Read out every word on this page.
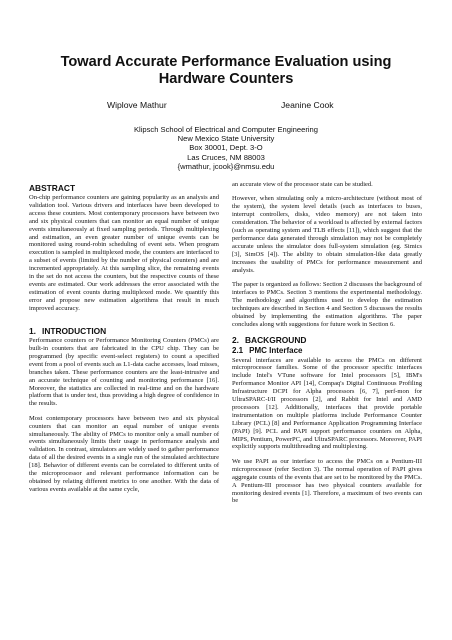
Toward Accurate Performance Evaluation using Hardware Counters
Wiplove Mathur	Jeanine Cook
Klipsch School of Electrical and Computer Engineering
New Mexico State University
Box 30001, Dept. 3-O
Las Cruces, NM 88003
{wmathur, jcook}@nmsu.edu
ABSTRACT

On-chip performance counters are gaining popularity as an analysis and validation tool. Various drivers and interfaces have been developed to access these counters. Most contemporary processors have between two and six physical counters that can monitor an equal number of unique events simultaneously at fixed sampling periods. Through multiplexing and estimation, an even greater number of unique events can be monitored using round-robin scheduling of event sets. When program execution is sampled in multiplexed mode, the counters are interfaced to a subset of events (limited by the number of physical counters) and are incremented appropriately. At this sampling slice, the remaining events in the set do not access the counters, but the respective counts of these events are estimated. Our work addresses the error associated with the estimation of event counts during multiplexed mode. We quantify this error and propose new estimation algorithms that result in much improved accuracy.

1. INTRODUCTION

Performance counters or Performance Monitoring Counters (PMCs) are built-in counters that are fabricated in the CPU chip. They can be programmed (by specific event-select registers) to count a specified event from a pool of events such as L1-data cache accesses, load misses, branches taken. These performance counters are the least-intrusive and an accurate technique of counting and monitoring performance [16]. Moreover, the statistics are collected in real-time and on the hardware platform that is under test, thus providing a high degree of confidence in the results.

Most contemporary processors have between two and six physical counters that can monitor an equal number of unique events simultaneously. The ability of PMCs to monitor only a small number of events simultaneously limits their usage in performance analysis and validation. In contrast, simulators are widely used to gather performance data of all the desired events in a single run of the simulated architecture [18]. Behavior of different events can be correlated to different units of the microprocessor and relevant performance information can be obtained by relating different metrics to one another. With the data of various events available at the same cycle,

an accurate view of the processor state can be studied.

However, when simulating only a micro-architecture (without most of the system), the system level details (such as interfaces to buses, interrupt controllers, disks, video memory) are not taken into consideration. The behavior of a workload is affected by external factors (such as operating system and TLB effects [11]), which suggest that the performance data generated through simulation may not be completely accurate unless the simulator does full-system simulation (eg. Simics [3], SimOS [4]). The ability to obtain simulation-like data greatly increases the usability of PMCs for performance measurement and analysis.

The paper is organized as follows: Section 2 discusses the background of interfaces to PMCs. Section 3 mentions the experimental methodology. The methodology and algorithms used to develop the estimation techniques are described in Section 4 and Section 5 discusses the results obtained by implementing the estimation algorithms. The paper concludes along with suggestions for future work in Section 6.

2. BACKGROUND
2.1 PMC Interface

Several interfaces are available to access the PMCs on different microprocessor families. Some of the processor specific interfaces include Intel's VTune software for Intel processors [5], IBM's Performance Monitor API [14], Compaq's Digital Continuous Profiling Infrastructure DCPI for Alpha processors [6, 7], perf-mon for UltraSPARC-I/II processors [2], and Rabbit for Intel and AMD processors [12]. Additionally, interfaces that provide portable instrumentation on multiple platforms include Performance Counter Library (PCL) [8] and Performance Application Programming Interface (PAPI) [9]. PCL and PAPI support performance counters on Alpha, MIPS, Pentium, PowerPC, and UltraSPARC processors. Moreover, PAPI explicitly supports multithreading and multiplexing.

We use PAPI as our interface to access the PMCs on a Pentium-III microprocessor (refer Section 3). The normal operation of PAPI gives aggregate counts of the events that are set to be monitored by the PMCs. A Pentium-III processor has two physical counters available for monitoring desired events [1]. Therefore, a maximum of two events can be
